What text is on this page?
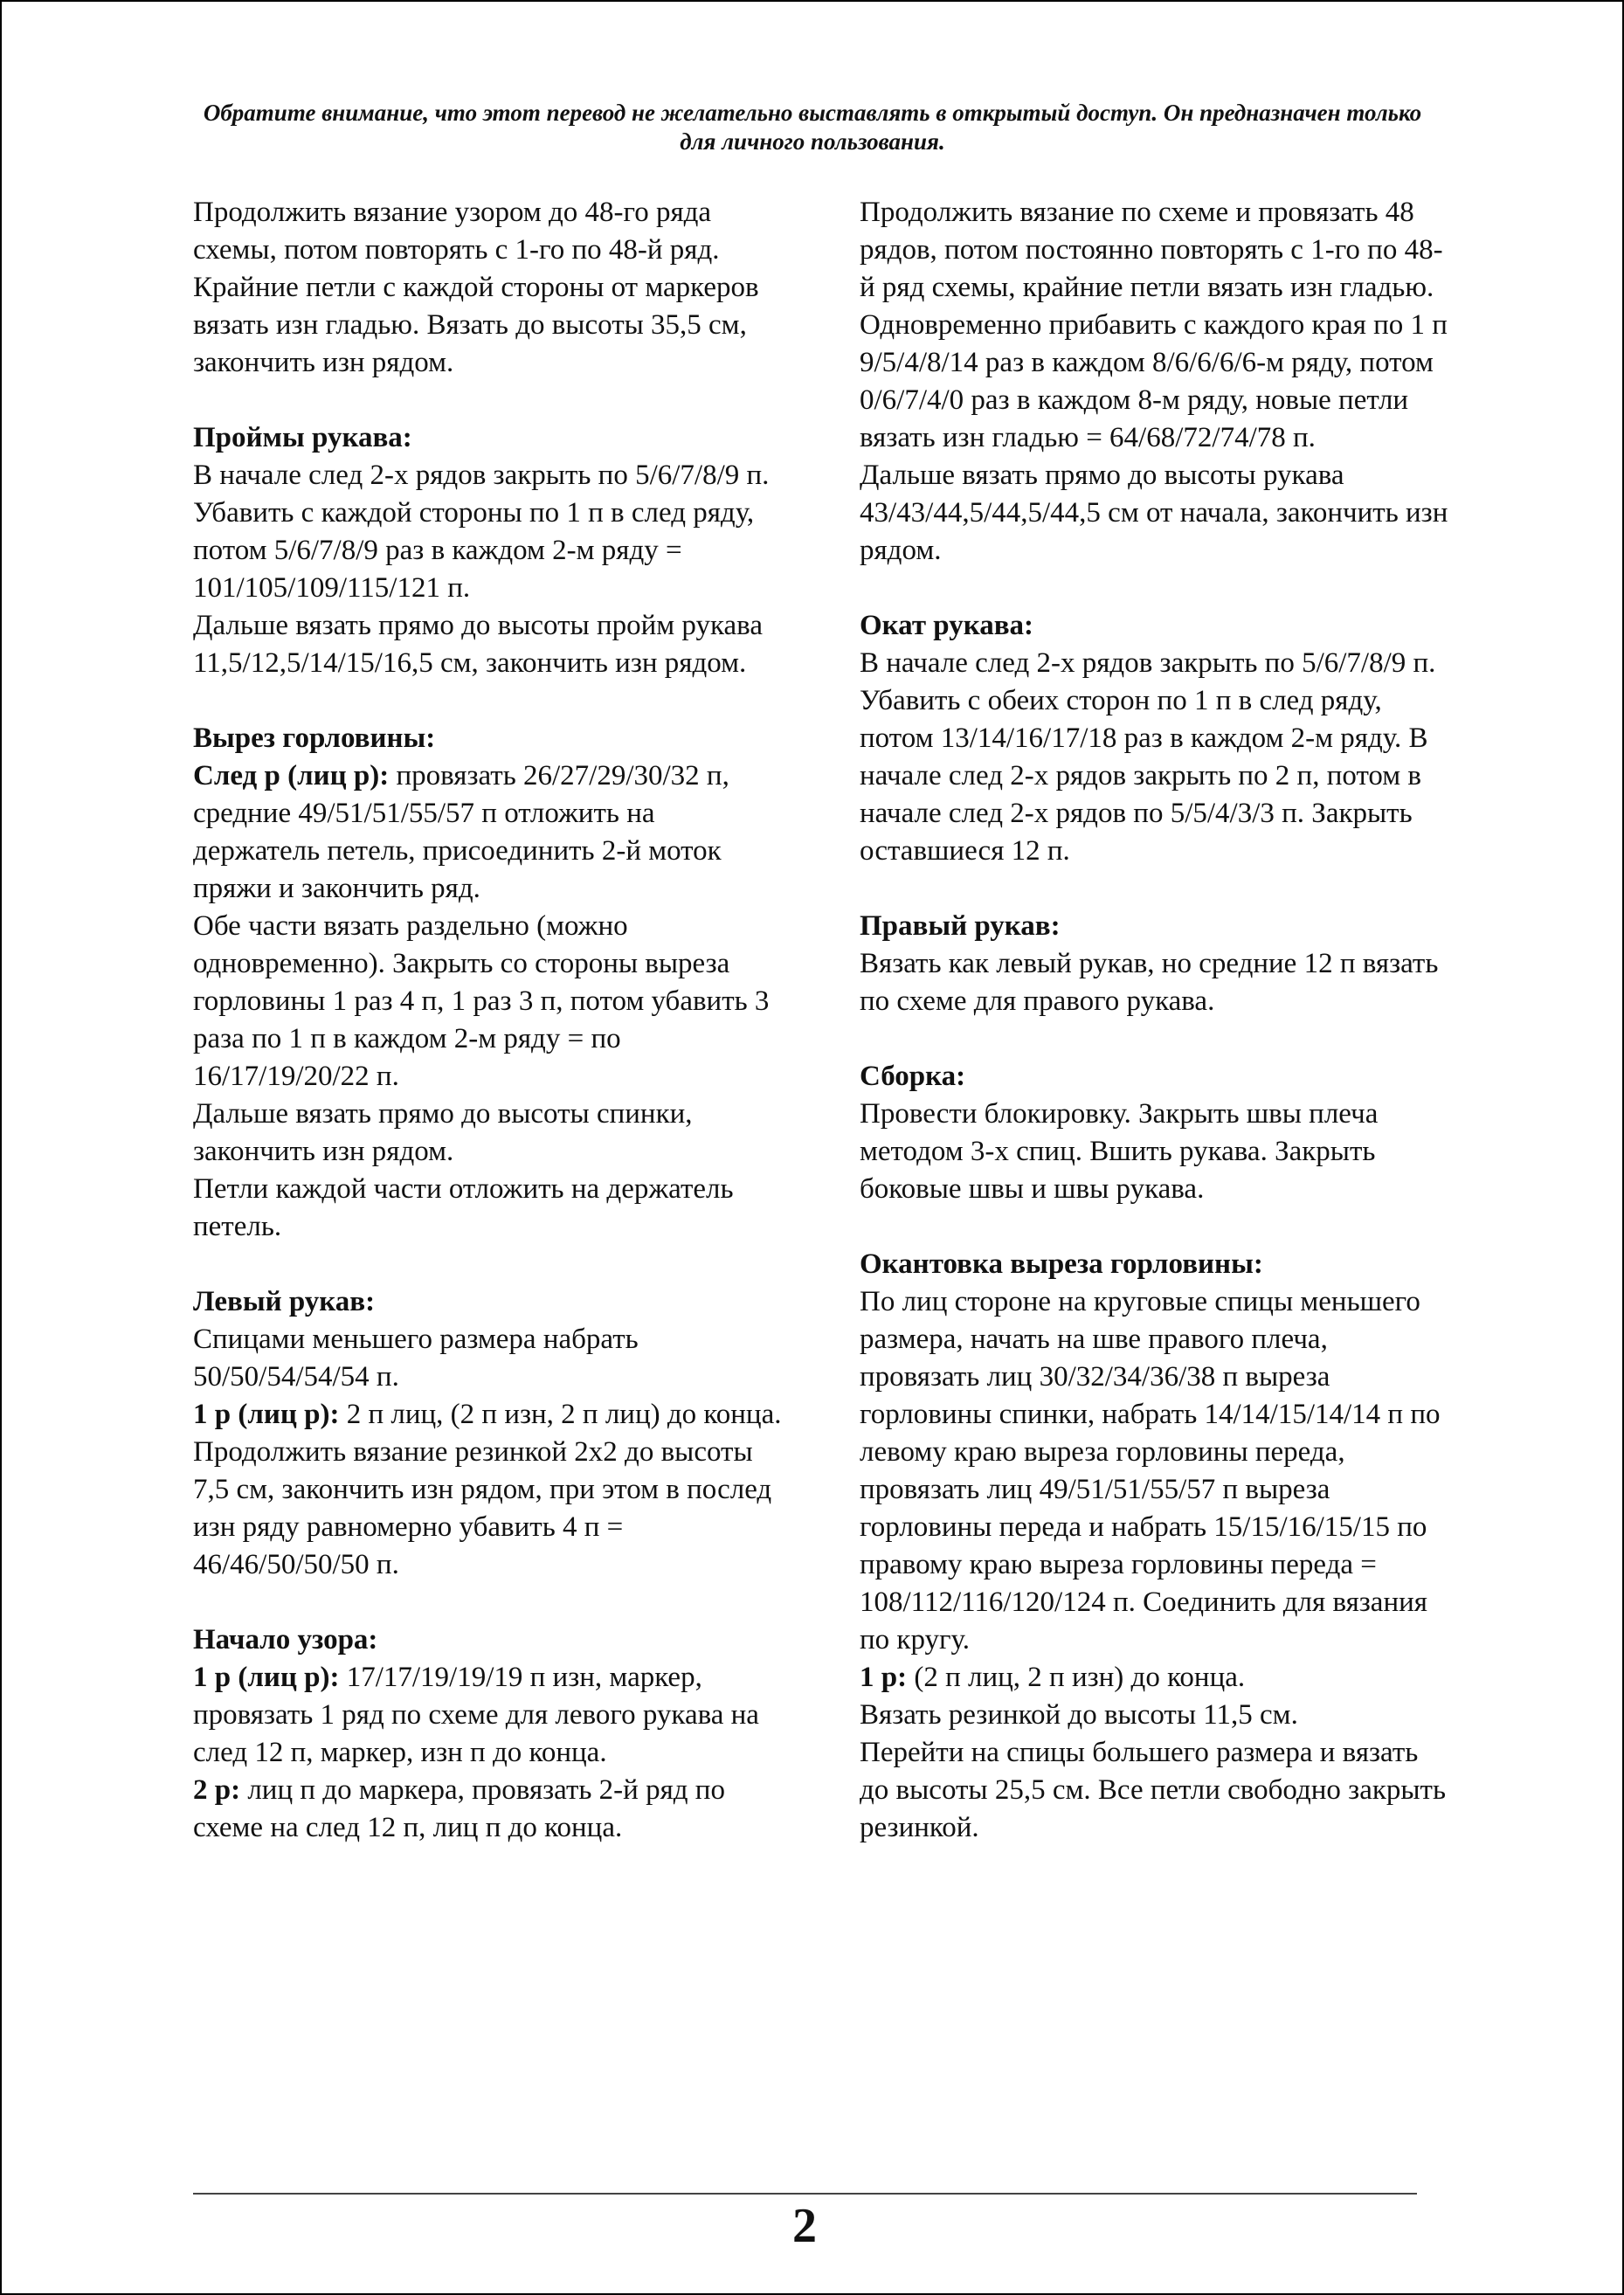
Обратите внимание, что этот перевод не желательно выставлять в открытый доступ. Он предназначен только для личного пользования.

Продолжить вязание узором до 48-го ряда схемы, потом повторять с 1-го по 48-й ряд. Крайние петли с каждой стороны от маркеров вязать изн гладью. Вязать до высоты 35,5 см, закончить изн рядом.

Проймы рукава:

В начале след 2-х рядов закрыть по 5/6/7/8/9 п. Убавить с каждой стороны по 1 п в след ряду, потом 5/6/7/8/9 раз в каждом 2-м ряду = 101/105/109/115/121 п.

Дальше вязать прямо до высоты пройм рукава 11,5/12,5/14/15/16,5 см, закончить изн рядом.

Вырез горловины:

След р (лиц р): провязать 26/27/29/30/32 п, средние 49/51/51/55/57 п отложить на держатель петель, присоединить 2-й моток пряжи и закончить ряд.

Обе части вязать раздельно (можно одновременно). Закрыть со стороны выреза горловины 1 раз 4 п, 1 раз 3 п, потом убавить 3 раза по 1 п в каждом 2-м ряду = по 16/17/19/20/22 п.

Дальше вязать прямо до высоты спинки, закончить изн рядом.

Петли каждой части отложить на держатель петель.

Левый рукав:

Спицами меньшего размера набрать 50/50/54/54/54 п.

1 р (лиц р): 2 п лиц, (2 п изн, 2 п лиц) до конца.

Продолжить вязание резинкой 2x2 до высоты 7,5 см, закончить изн рядом, при этом в послед изн ряду равномерно убавить 4 п = 46/46/50/50/50 п.

Начало узора:

1 р (лиц р): 17/17/19/19/19 п изн, маркер, провязать 1 ряд по схеме для левого рукава на след 12 п, маркер, изн п до конца.

2 р: лиц п до маркера, провязать 2-й ряд по схеме на след 12 п, лиц п до конца.

Продолжить вязание по схеме и провязать 48 рядов, потом постоянно повторять с 1-го по 48-й ряд схемы, крайние петли вязать изн гладью. Одновременно прибавить с каждого края по 1 п 9/5/4/8/14 раз в каждом 8/6/6/6/6-м ряду, потом 0/6/7/4/0 раз в каждом 8-м ряду, новые петли вязать изн гладью = 64/68/72/74/78 п.

Дальше вязать прямо до высоты рукава 43/43/44,5/44,5/44,5 см от начала, закончить изн рядом.

Окат рукава:

В начале след 2-х рядов закрыть по 5/6/7/8/9 п. Убавить с обеих сторон по 1 п в след ряду, потом 13/14/16/17/18 раз в каждом 2-м ряду. В начале след 2-х рядов закрыть по 2 п, потом в начале след 2-х рядов по 5/5/4/3/3 п. Закрыть оставшиеся 12 п.

Правый рукав:

Вязать как левый рукав, но средние 12 п вязать по схеме для правого рукава.

Сборка:

Провести блокировку. Закрыть швы плеча методом 3-х спиц. Вшить рукава. Закрыть боковые швы и швы рукава.

Окантовка выреза горловины:

По лиц стороне на круговые спицы меньшего размера, начать на шве правого плеча, провязать лиц 30/32/34/36/38 п выреза горловины спинки, набрать 14/14/15/14/14 п по левому краю выреза горловины переда, провязать лиц 49/51/51/55/57 п выреза горловины переда и набрать 15/15/16/15/15 по правому краю выреза горловины переда = 108/112/116/120/124 п. Соединить для вязания по кругу.

1 р: (2 п лиц, 2 п изн) до конца.

Вязать резинкой до высоты 11,5 см.

Перейти на спицы большего размера и вязать до высоты 25,5 см. Все петли свободно закрыть резинкой.

2
